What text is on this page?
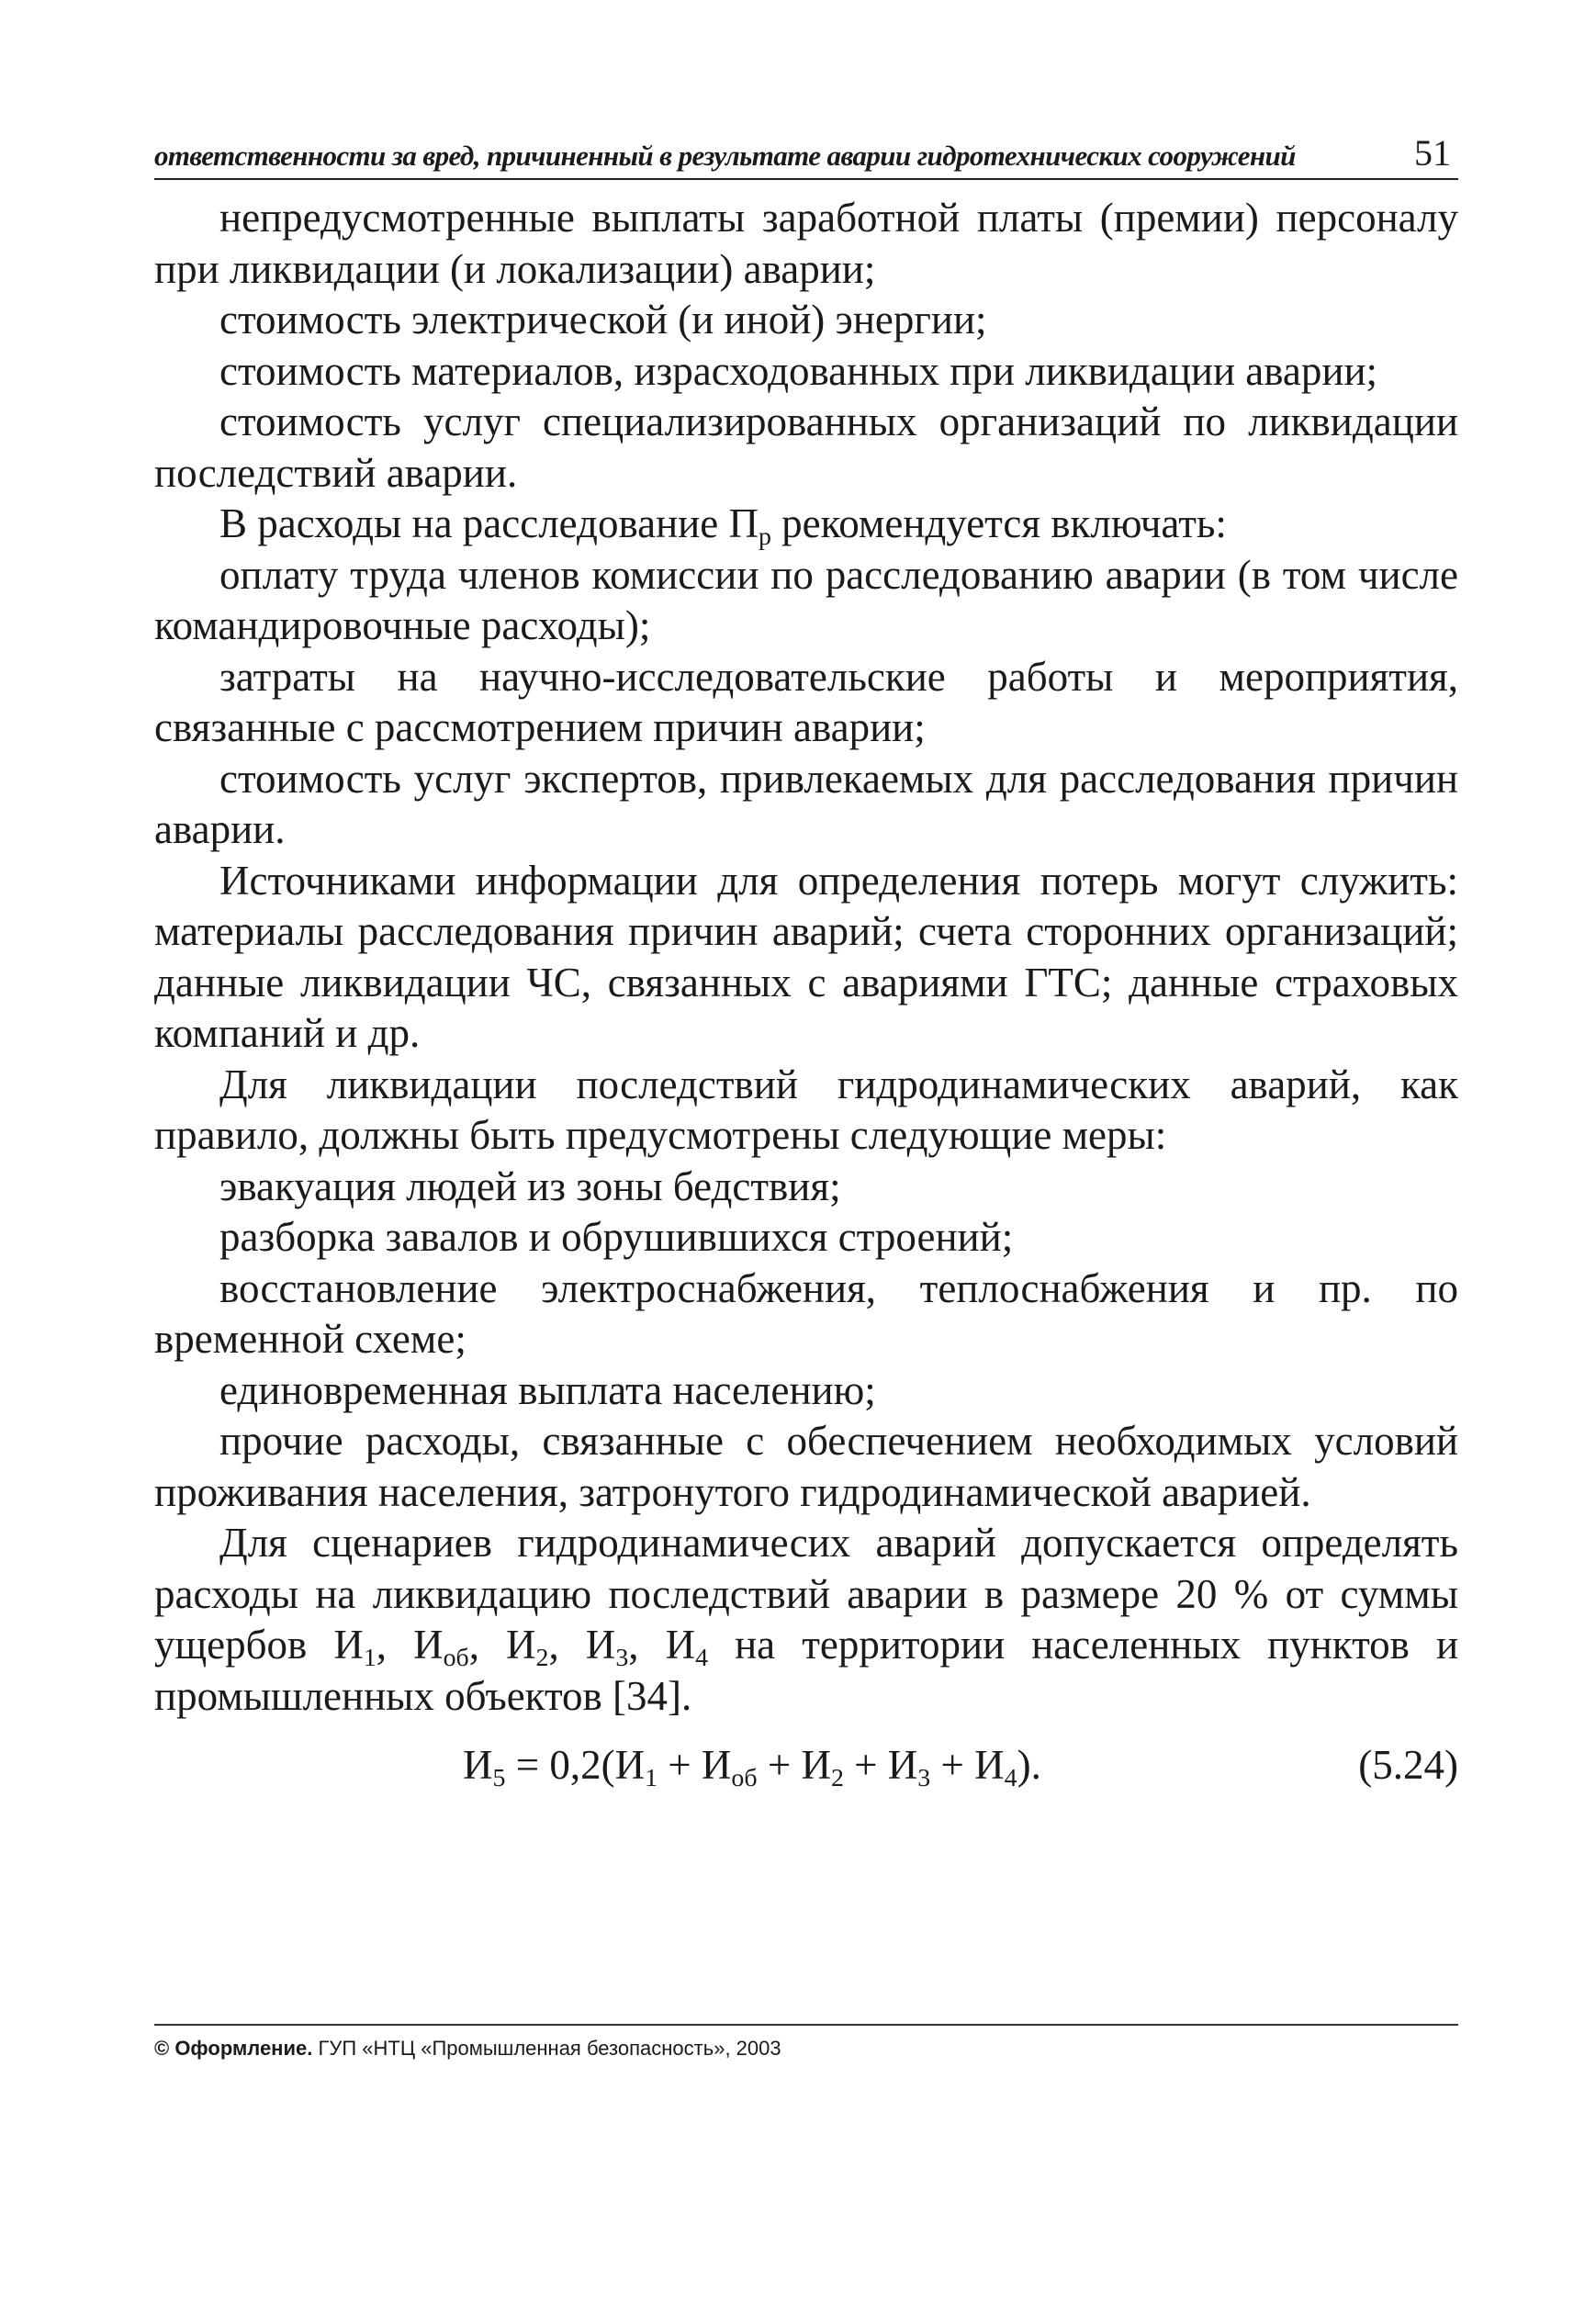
ответственности за вред, причиненный в результате аварии гидротехнических сооружений	51

непредусмотренные выплаты заработной платы (премии) персоналу при ликвидации (и локализации) аварии;

стоимость электрической (и иной) энергии;

стоимость материалов, израсходованных при ликвидации аварии;

стоимость услуг специализированных организаций по ликвидации последствий аварии.

В расходы на расследование $П_р$ рекомендуется включать:

оплату труда членов комиссии по расследованию аварии (в том числе командировочные расходы);

затраты на научно-исследовательские работы и мероприятия, связанные с рассмотрением причин аварии;

стоимость услуг экспертов, привлекаемых для расследования причин аварии.

Источниками информации для определения потерь могут служить: материалы расследования причин аварий; счета сторонних организаций; данные ликвидации ЧС, связанных с авариями ГТС; данные страховых компаний и др.

Для ликвидации последствий гидродинамических аварий, как правило, должны быть предусмотрены следующие меры:

эвакуация людей из зоны бедствия;

разборка завалов и обрушившихся строений;

восстановление электроснабжения, теплоснабжения и пр. по временной схеме;

единовременная выплата населению;

прочие расходы, связанные с обеспечением необходимых условий проживания населения, затронутого гидродинамической аварией.

Для сценариев гидродинамичесих аварий допускается определять расходы на ликвидацию последствий аварии в размере 20 % от суммы ущербов $И_1$, $И_{об}$, $И_2$, $И_3$, $И_4$ на территории населенных пунктов и промышленных объектов [34].

$И_5 = 0,2(И_1 + И_{об} + И_2 + И_3 + И_4)$.	(5.24)
© Оформление. ГУП «НТЦ «Промышленная безопасность», 2003
